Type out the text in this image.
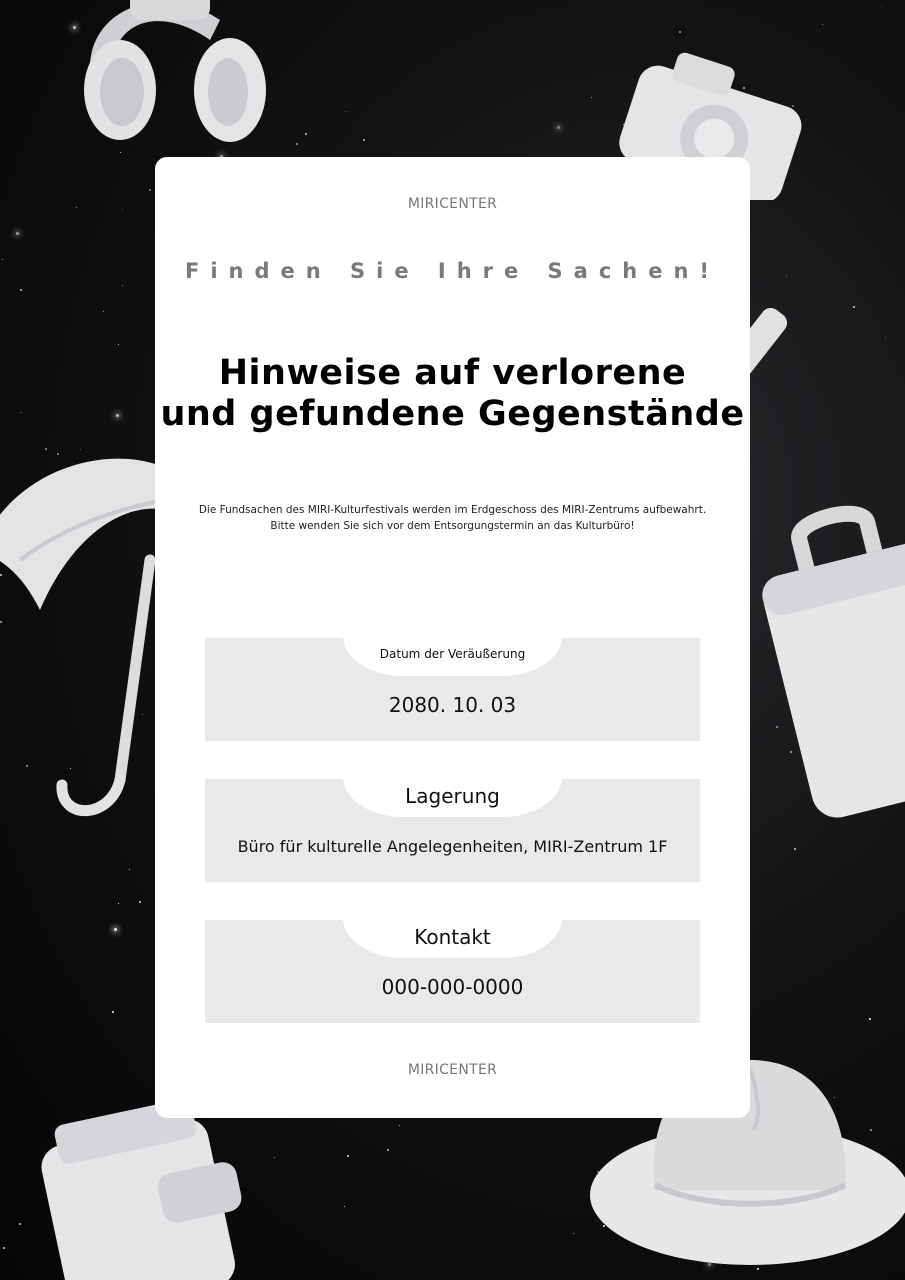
MIRICENTER
Finden Sie Ihre Sachen!
Hinweise auf verlorene
und gefundene Gegenstände
Die Fundsachen des MIRI-Kulturfestivals werden im Erdgeschoss des MIRI-Zentrums aufbewahrt.
Bitte wenden Sie sich vor dem Entsorgungstermin an das Kulturbüro!
Datum der Veräußerung
2080. 10. 03
Lagerung
Büro für kulturelle Angelegenheiten, MIRI-Zentrum 1F
Kontakt
000-000-0000
MIRICENTER
